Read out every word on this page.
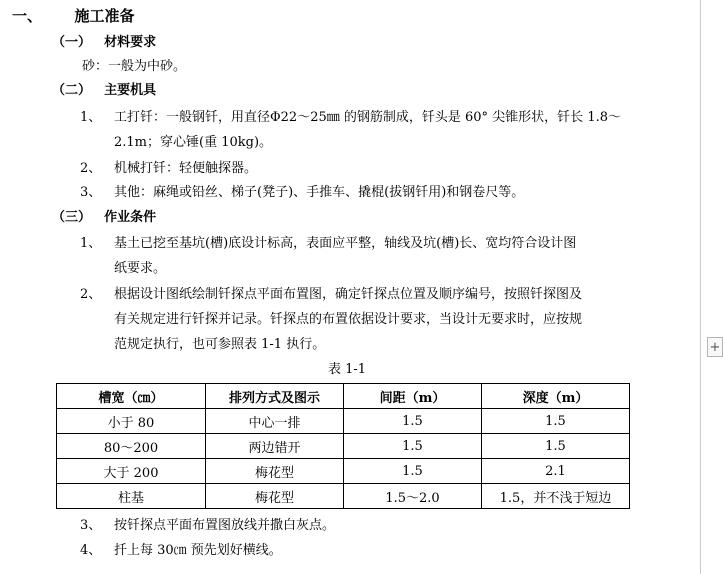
一、 施工准备
（一） 材料要求
砂：一般为中砂。
（二） 主要机具
1、 工打钎：一般钢钎，用直径Φ22～25㎜ 的钢筋制成，钎头是 60° 尖锥形状，钎长 1.8～
2.1m；穿心锤(重 10kg)。
2、 机械打钎：轻便触探器。
3、 其他：麻绳或铅丝、梯子(凳子)、手推车、撬棍(拔钢钎用)和钢卷尺等。
（三） 作业条件
1、 基土已挖至基坑(槽)底设计标高，表面应平整，轴线及坑(槽)长、宽均符合设计图
纸要求。
2、 根据设计图纸绘制钎探点平面布置图，确定钎探点位置及顺序编号，按照钎探图及
有关规定进行钎探并记录。钎探点的布置依据设计要求，当设计无要求时，应按规
范规定执行，也可参照表 1-1 执行。
表 1-1
槽宽（㎝）	排列方式及图示	间距（m）	深度（m）
小于 80	中心一排	1.5	1.5
80～200	两边错开	1.5	1.5
大于 200	梅花型	1.5	2.1
柱基	梅花型	1.5～2.0	1.5，并不浅于短边
3、 按钎探点平面布置图放线并撒白灰点。
4、 扦上每 30㎝ 预先划好横线。
+
